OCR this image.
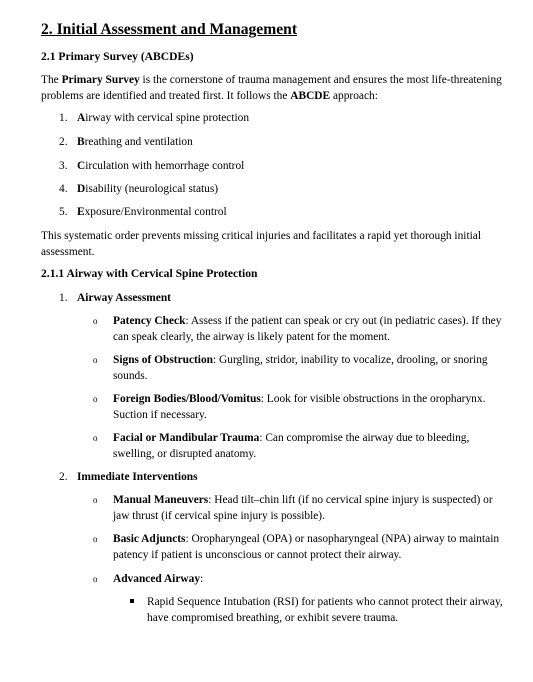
2. Initial Assessment and Management
2.1 Primary Survey (ABCDEs)
The Primary Survey is the cornerstone of trauma management and ensures the most life-threatening problems are identified and treated first. It follows the ABCDE approach:
1. Airway with cervical spine protection
2. Breathing and ventilation
3. Circulation with hemorrhage control
4. Disability (neurological status)
5. Exposure/Environmental control
This systematic order prevents missing critical injuries and facilitates a rapid yet thorough initial assessment.
2.1.1 Airway with Cervical Spine Protection
1. Airway Assessment
o Patency Check: Assess if the patient can speak or cry out (in pediatric cases). If they can speak clearly, the airway is likely patent for the moment.
o Signs of Obstruction: Gurgling, stridor, inability to vocalize, drooling, or snoring sounds.
o Foreign Bodies/Blood/Vomitus: Look for visible obstructions in the oropharynx. Suction if necessary.
o Facial or Mandibular Trauma: Can compromise the airway due to bleeding, swelling, or disrupted anatomy.
2. Immediate Interventions
o Manual Maneuvers: Head tilt–chin lift (if no cervical spine injury is suspected) or jaw thrust (if cervical spine injury is possible).
o Basic Adjuncts: Oropharyngeal (OPA) or nasopharyngeal (NPA) airway to maintain patency if patient is unconscious or cannot protect their airway.
o Advanced Airway:
Rapid Sequence Intubation (RSI) for patients who cannot protect their airway, have compromised breathing, or exhibit severe trauma.
